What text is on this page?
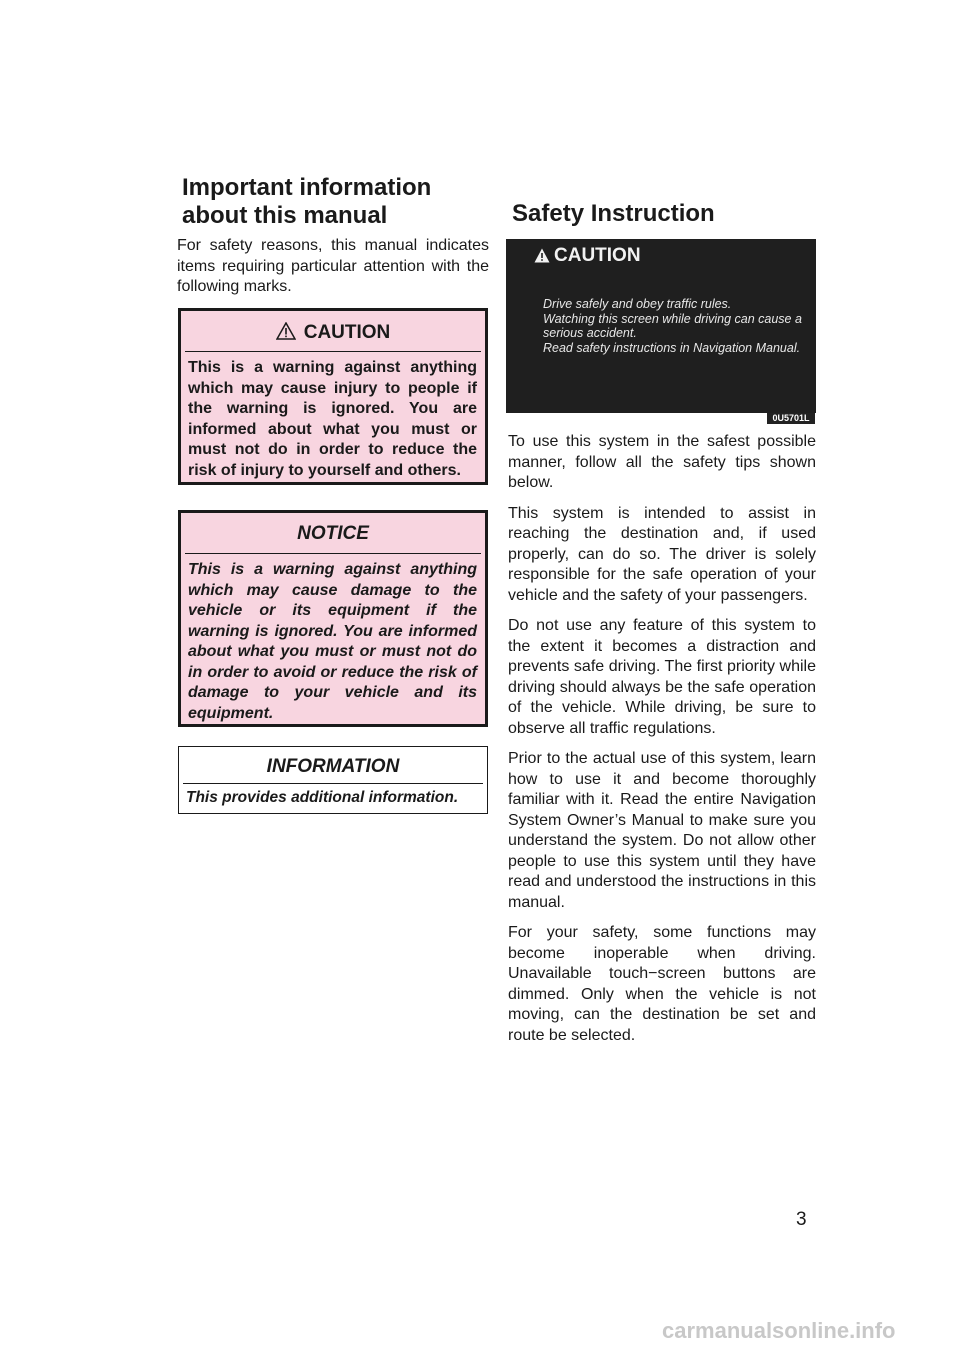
Important information about this manual	Safety Instruction
For safety reasons, this manual indicates items requiring particular attention with the following marks.
CAUTION
This is a warning against anything which may cause injury to people if the warning is ignored. You are informed about what you must or must not do in order to reduce the risk of injury to yourself and others.
NOTICE
This is a warning against anything which may cause damage to the vehicle or its equipment if the warning is ignored. You are informed about what you must or must not do in order to avoid or reduce the risk of damage to your vehicle and its equipment.
INFORMATION
This provides additional information.
CAUTION
Drive safely and obey traffic rules.
Watching this screen while driving can cause a serious accident.
Read safety instructions in Navigation Manual.
0U5701L

To use this system in the safest possible manner, follow all the safety tips shown below.

This system is intended to assist in reaching the destination and, if used properly, can do so. The driver is solely responsible for the safe operation of your vehicle and the safety of your passengers.

Do not use any feature of this system to the extent it becomes a distraction and prevents safe driving. The first priority while driving should always be the safe operation of the vehicle. While driving, be sure to observe all traffic regulations.

Prior to the actual use of this system, learn how to use it and become thoroughly familiar with it. Read the entire Navigation System Owner’s Manual to make sure you understand the system. Do not allow other people to use this system until they have read and understood the instructions in this manual.

For your safety, some functions may become inoperable when driving. Unavailable touch−screen buttons are dimmed. Only when the vehicle is not moving, can the destination be set and route be selected.

3
carmanualsonline.info
